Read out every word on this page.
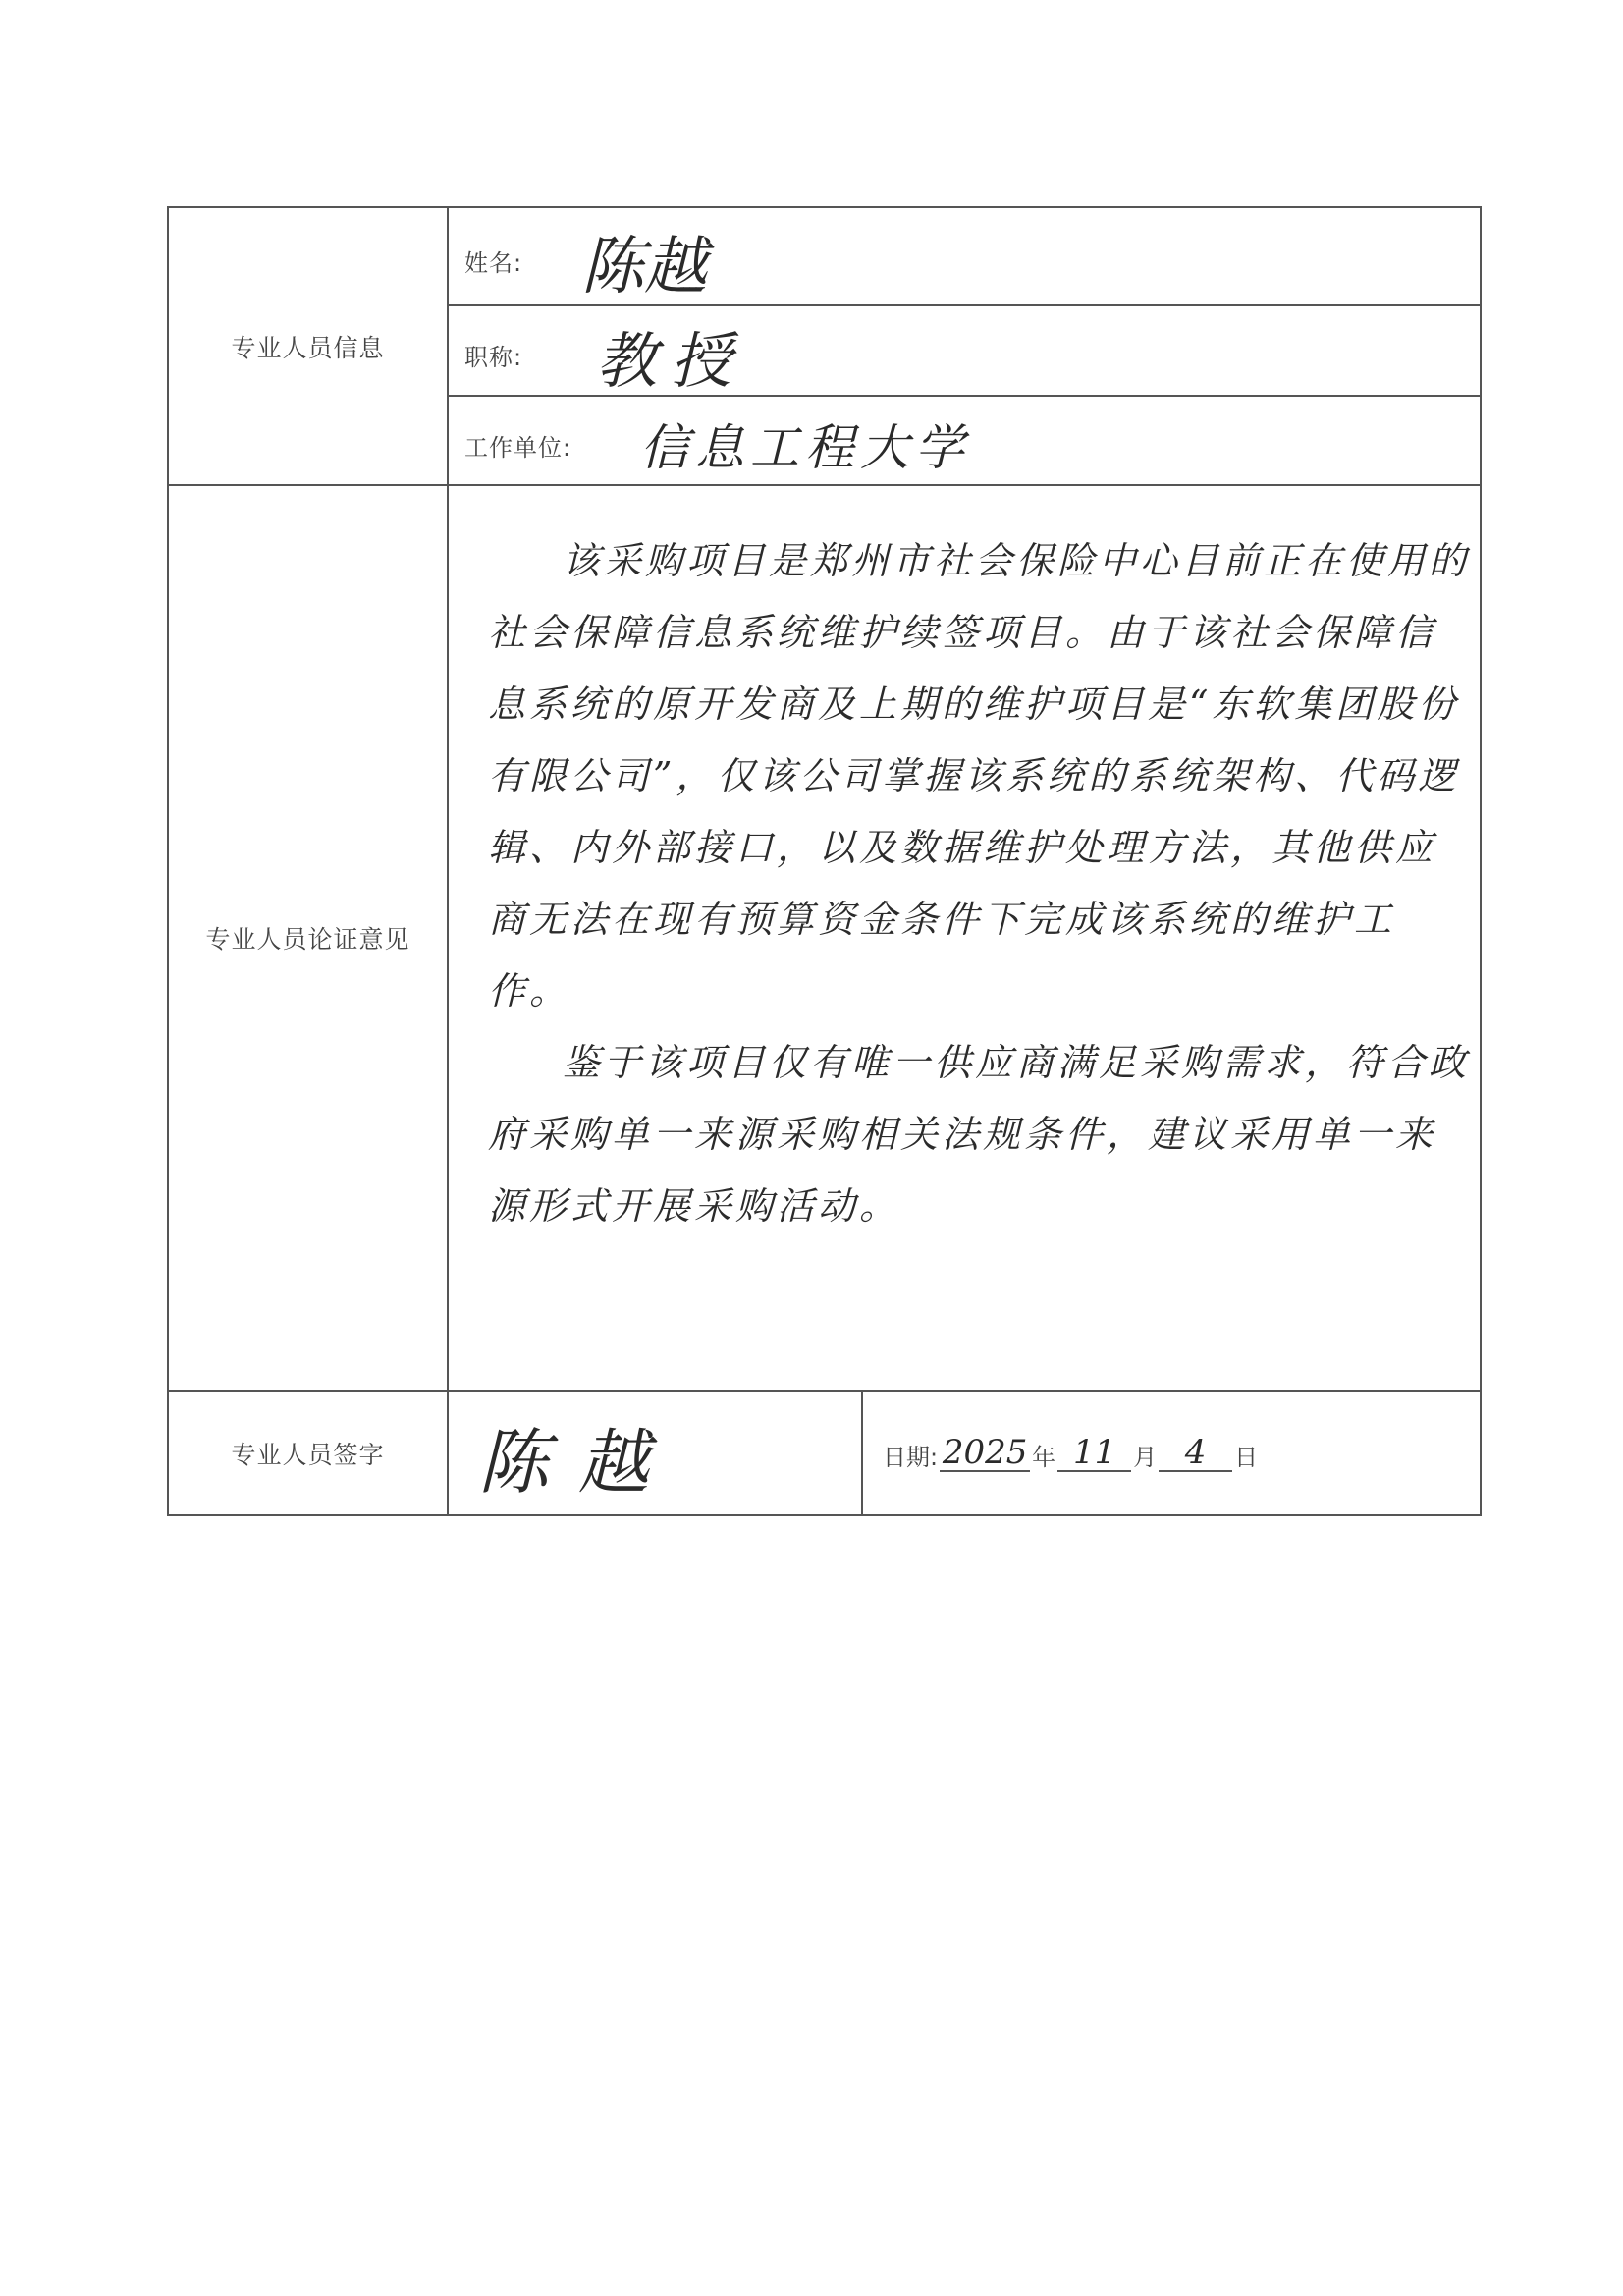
专业人员信息
姓名: 陈越
职称: 教授
工作单位: 信息工程大学
专业人员论证意见

该采购项目是郑州市社会保险中心目前正在使用的社会保障信息系统维护续签项目。由于该社会保障信息系统的原开发商及上期的维护项目是“东软集团股份有限公司”，仅该公司掌握该系统的系统架构、代码逻辑、内外部接口，以及数据维护处理方法，其他供应商无法在现有预算资金条件下完成该系统的维护工作。

鉴于该项目仅有唯一供应商满足采购需求，符合政府采购单一来源采购相关法规条件，建议采用单一来源形式开展采购活动。

专业人员签字	陈越	日期: 2025 年 11 月 4	日
